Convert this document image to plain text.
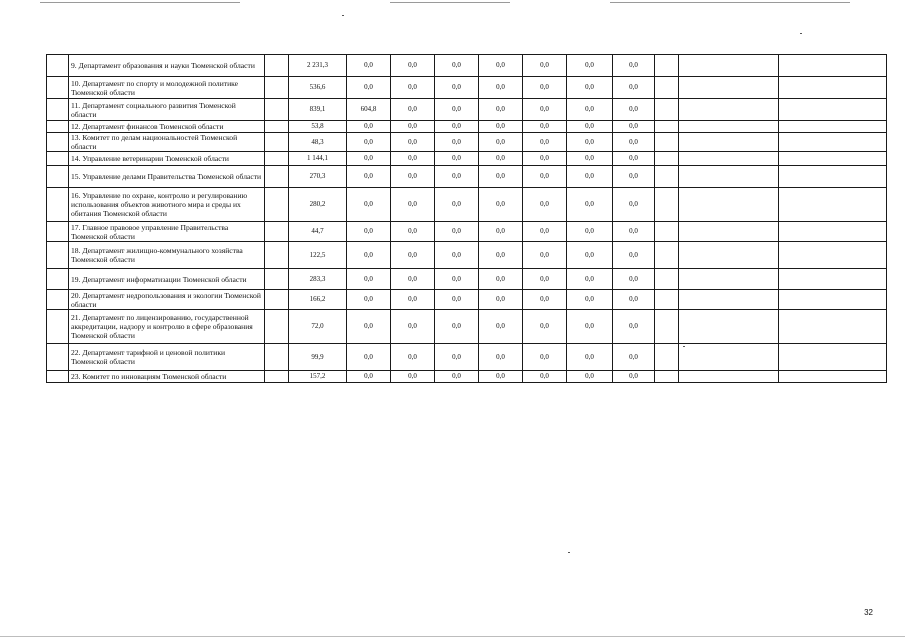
	9. Департамент образования и науки Тюменской области		2 231,3	0,0	0,0	0,0	0,0	0,0	0,0	0,0			
	10. Департамент по спорту и молодежной политике Тюменской области		536,6	0,0	0,0	0,0	0,0	0,0	0,0	0,0			
	11. Департамент социального развития Тюменской области		839,1	604,8	0,0	0,0	0,0	0,0	0,0	0,0			
	12. Департамент финансов Тюменской области		53,8	0,0	0,0	0,0	0,0	0,0	0,0	0,0			
	13. Комитет по делам национальностей Тюменской области		48,3	0,0	0,0	0,0	0,0	0,0	0,0	0,0			
	14. Управление ветеринарии Тюменской области		1 144,1	0,0	0,0	0,0	0,0	0,0	0,0	0,0			
	15. Управление делами Правительства Тюменской области		270,3	0,0	0,0	0,0	0,0	0,0	0,0	0,0			
	16. Управление по охране, контролю и регулированию использования объектов животного мира и среды их обитания Тюменской области		280,2	0,0	0,0	0,0	0,0	0,0	0,0	0,0			
	17. Главное правовое управление Правительства Тюменской области		44,7	0,0	0,0	0,0	0,0	0,0	0,0	0,0			
	18. Департамент жилищно-коммунального хозяйства Тюменской области		122,5	0,0	0,0	0,0	0,0	0,0	0,0	0,0			
	19. Департамент информатизации Тюменской области		283,3	0,0	0,0	0,0	0,0	0,0	0,0	0,0			
	20. Департамент недропользования и экологии Тюменской области		166,2	0,0	0,0	0,0	0,0	0,0	0,0	0,0			
	21. Департамент по лицензированию, государственной аккредитации, надзору и контролю в сфере образования Тюменской области		72,0	0,0	0,0	0,0	0,0	0,0	0,0	0,0			
	22. Департамент тарифной и ценовой политики Тюменской области		99,9	0,0	0,0	0,0	0,0	0,0	0,0	0,0			
	23. Комитет по инновациям Тюменской области		157,2	0,0	0,0	0,0	0,0	0,0	0,0	0,0			
32
